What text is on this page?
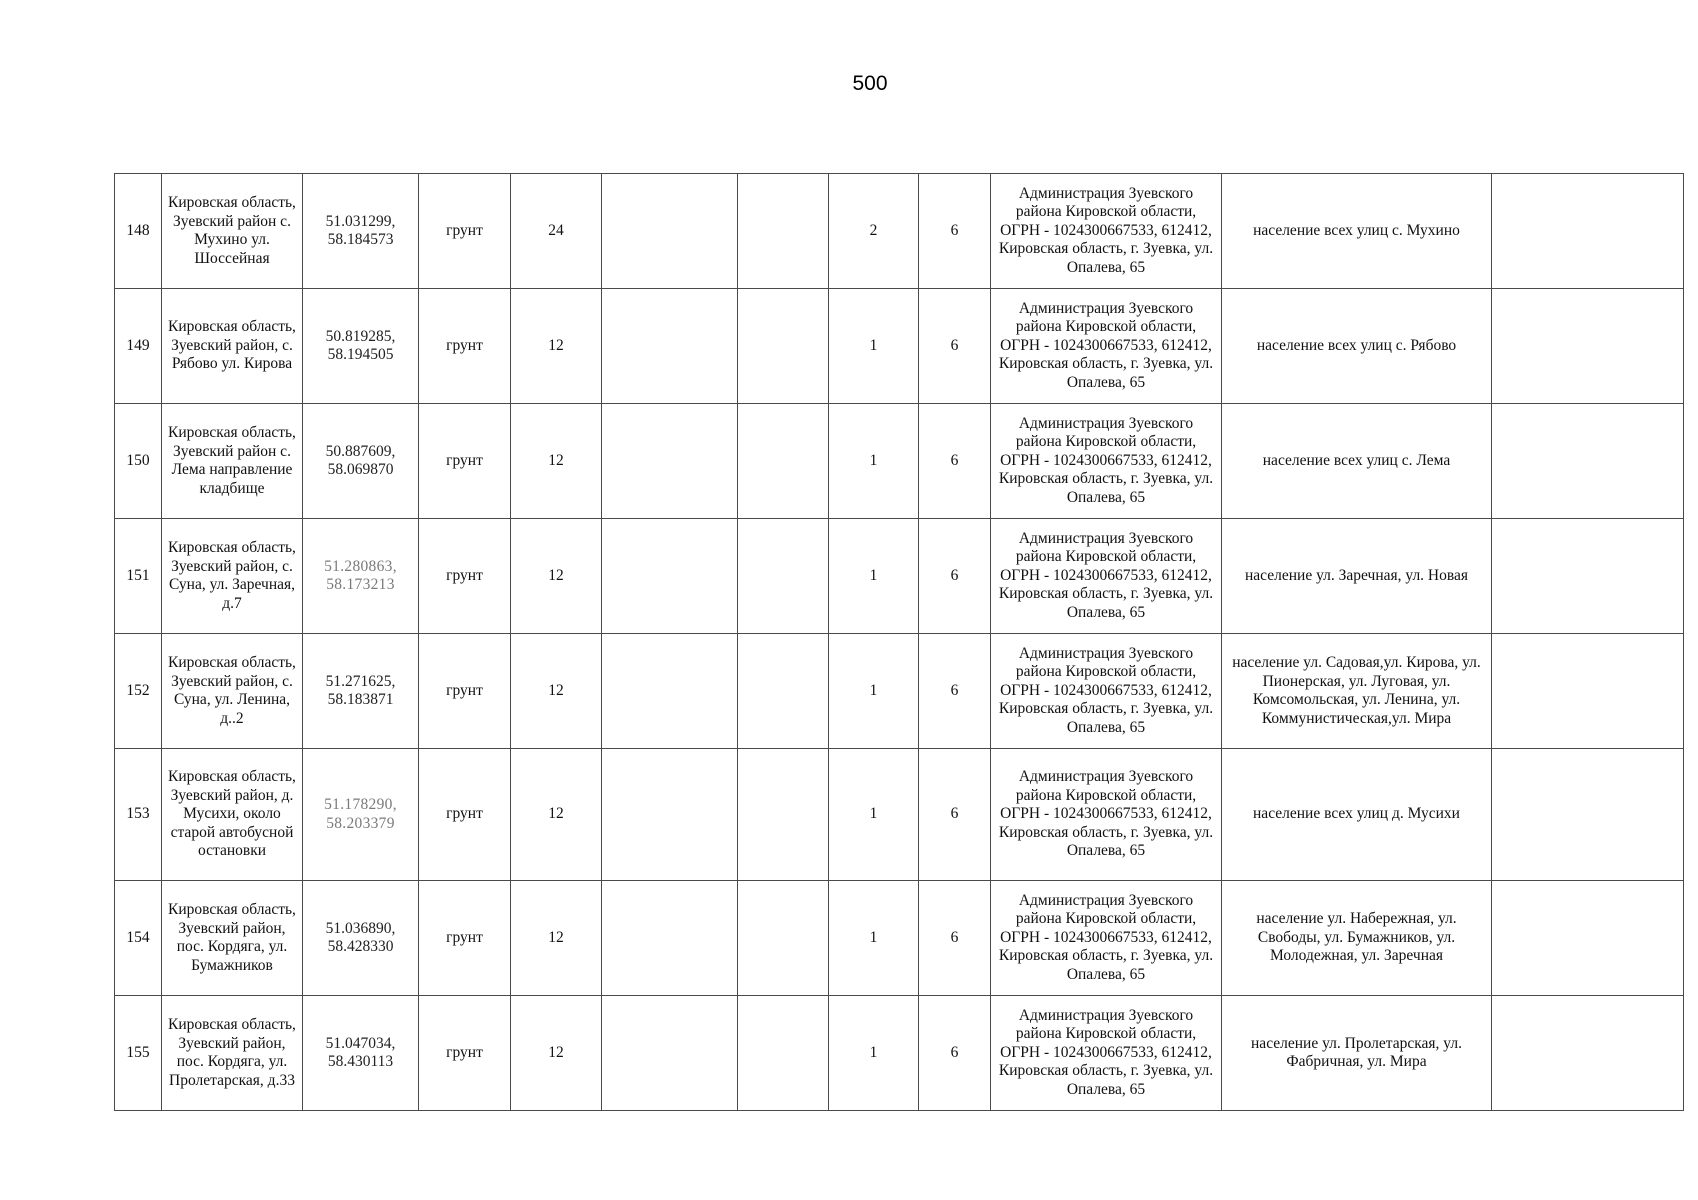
500
148	Кировская область, Зуевский район с. Мухино ул. Шоссейная	51.031299, 58.184573	грунт	24			2	6	Администрация Зуевского района Кировской области, ОГРН - 1024300667533, 612412, Кировская область, г. Зуевка, ул. Опалева, 65	население всех улиц с. Мухино	
149	Кировская область, Зуевский район, с. Рябово ул. Кирова	50.819285, 58.194505	грунт	12			1	6	Администрация Зуевского района Кировской области, ОГРН - 1024300667533, 612412, Кировская область, г. Зуевка, ул. Опалева, 65	население всех улиц с. Рябово	
150	Кировская область, Зуевский район с. Лема направление кладбище	50.887609, 58.069870	грунт	12			1	6	Администрация Зуевского района Кировской области, ОГРН - 1024300667533, 612412, Кировская область, г. Зуевка, ул. Опалева, 65	население всех улиц с. Лема	
151	Кировская область, Зуевский район, с. Суна, ул. Заречная, д.7	51.280863, 58.173213	грунт	12			1	6	Администрация Зуевского района Кировской области, ОГРН - 1024300667533, 612412, Кировская область, г. Зуевка, ул. Опалева, 65	население ул. Заречная, ул. Новая	
152	Кировская область, Зуевский район, с. Суна, ул. Ленина, д..2	51.271625, 58.183871	грунт	12			1	6	Администрация Зуевского района Кировской области, ОГРН - 1024300667533, 612412, Кировская область, г. Зуевка, ул. Опалева, 65	население ул. Садовая,ул. Кирова, ул. Пионерская, ул. Луговая, ул. Комсомольская, ул. Ленина, ул. Коммунистическая,ул. Мира	
153	Кировская область, Зуевский район, д. Мусихи, около старой автобусной остановки	51.178290, 58.203379	грунт	12			1	6	Администрация Зуевского района Кировской области, ОГРН - 1024300667533, 612412, Кировская область, г. Зуевка, ул. Опалева, 65	население всех улиц д. Мусихи	
154	Кировская область, Зуевский район, пос. Кордяга, ул. Бумажников	51.036890, 58.428330	грунт	12			1	6	Администрация Зуевского района Кировской области, ОГРН - 1024300667533, 612412, Кировская область, г. Зуевка, ул. Опалева, 65	население ул. Набережная, ул. Свободы, ул. Бумажников, ул. Молодежная, ул. Заречная	
155	Кировская область, Зуевский район, пос. Кордяга, ул. Пролетарская, д.33	51.047034, 58.430113	грунт	12			1	6	Администрация Зуевского района Кировской области, ОГРН - 1024300667533, 612412, Кировская область, г. Зуевка, ул. Опалева, 65	население ул. Пролетарская, ул. Фабричная, ул. Мира	
